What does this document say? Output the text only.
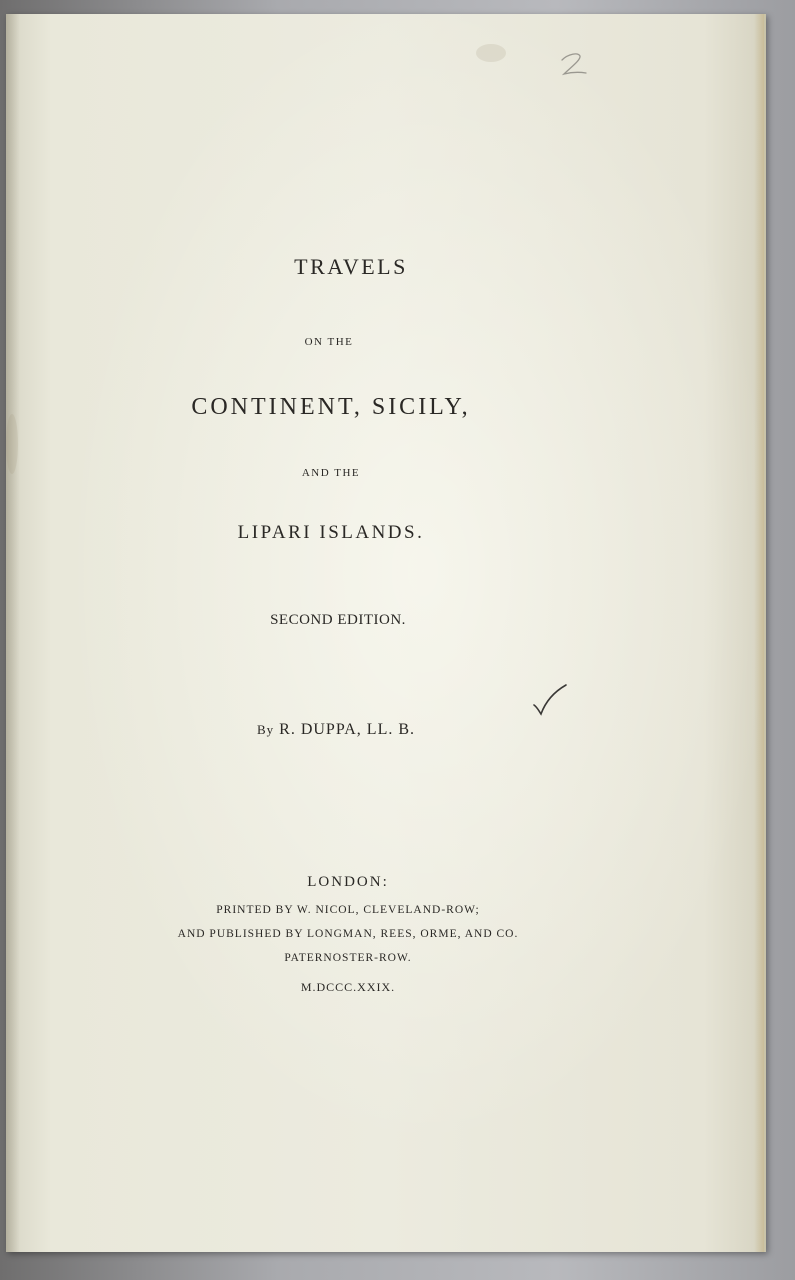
TRAVELS
ON THE
CONTINENT, SICILY,
AND THE
LIPARI ISLANDS.
SECOND EDITION.
By R. DUPPA, LL. B.
LONDON:
PRINTED BY W. NICOL, CLEVELAND-ROW;
AND PUBLISHED BY LONGMAN, REES, ORME, AND CO.
PATERNOSTER-ROW.
M.DCCC.XXIX.
